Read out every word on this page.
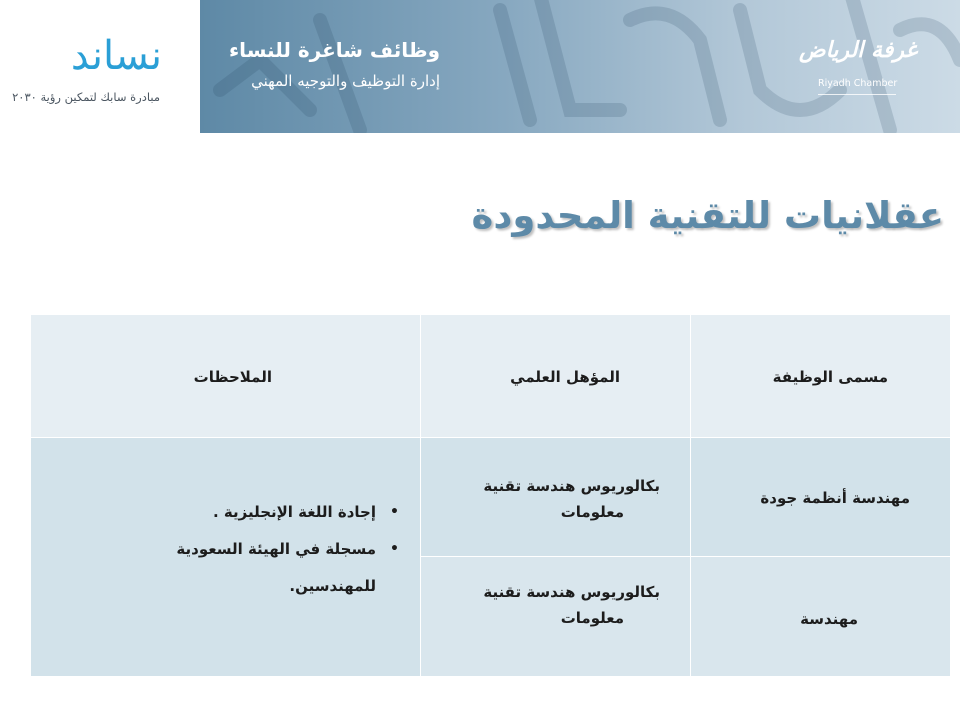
نساند
مبادرة سابك لتمكين رؤية ٢٠٣٠
وظائف شاغرة للنساء
إدارة التوظيف والتوجيه المهني
غرفة الرياض
Riyadh Chamber
عقلانيات للتقنية المحدودة
مسمى الوظيفة
المؤهل العلمي
الملاحظات
مهندسة أنظمة جودة
بكالوريوس هندسة تقنية
معلومات
مهندسة
بكالوريوس هندسة تقنية
معلومات
•
إجادة اللغة الإنجليزية .
•
مسجلة في الهيئة السعودية
للمهندسين.
